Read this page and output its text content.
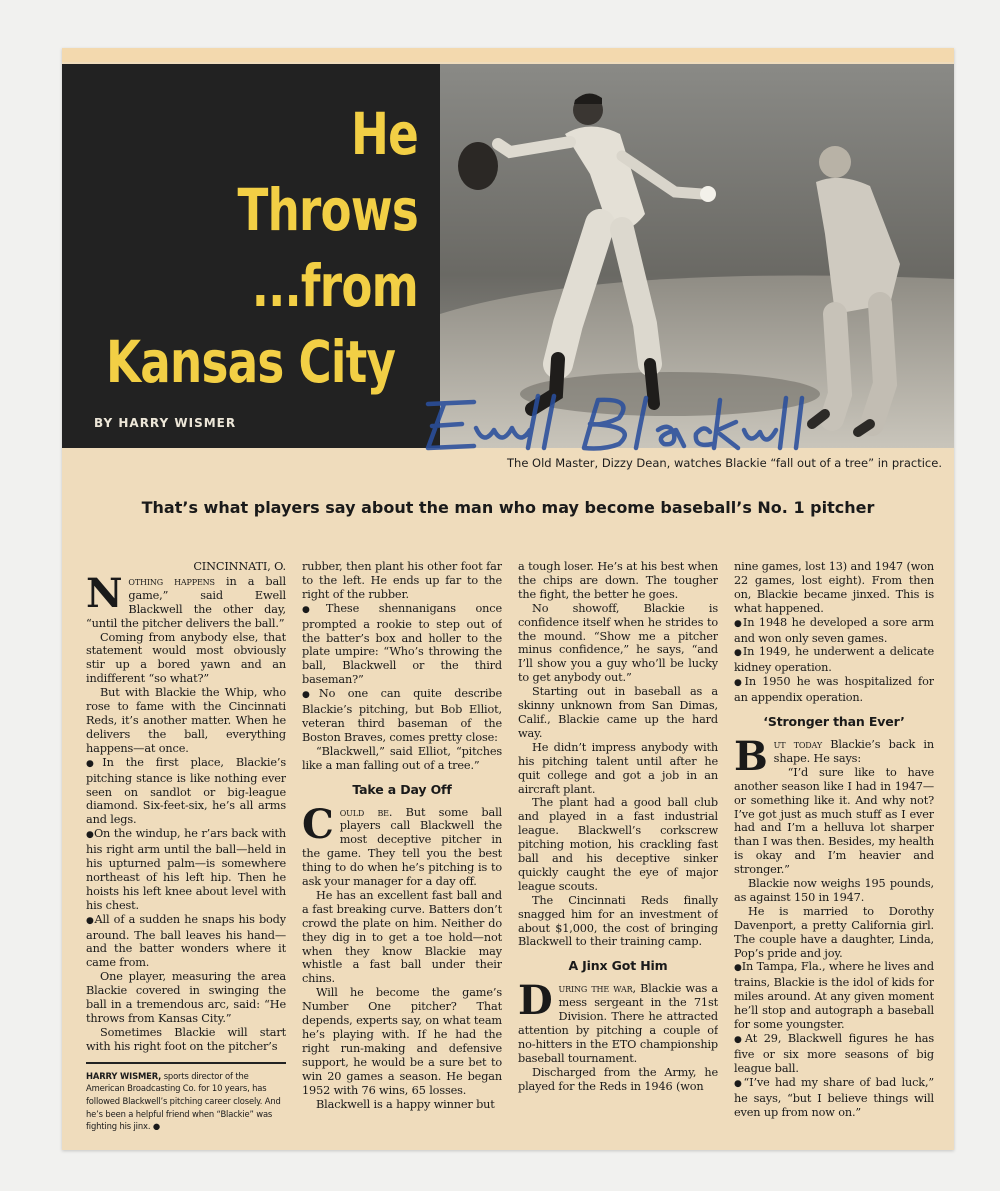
He Throws
...from
Kansas City
BY HARRY WISMER
The Old Master, Dizzy Dean, watches Blackie “fall out of a tree” in practice.
That’s what players say about the man who may become baseball’s No. 1 pitcher
CINCINNATI, O.

Nothing happens in a ball game,” said Ewell Blackwell the other day, “until the pitcher delivers the ball.”

Coming from anybody else, that statement would most obviously stir up a bored yawn and an indifferent “so what?”

But with Blackie the Whip, who rose to fame with the Cincinnati Reds, it’s another matter. When he delivers the ball, everything happens—at once.

● In the first place, Blackie’s pitching stance is like nothing ever seen on sandlot or big-league diamond. Six-feet-six, he’s all arms and legs.

● On the windup, he r’ars back with his right arm until the ball—held in his upturned palm—is somewhere northeast of his left hip. Then he hoists his left knee about level with his chest.

● All of a sudden he snaps his body around. The ball leaves his hand—and the batter wonders where it came from.

One player, measuring the area Blackie covered in swinging the ball in a tremendous arc, said: “He throws from Kansas City.”

Sometimes Blackie will start with his right foot on the pitcher’s

HARRY WISMER, sports director of the American Broadcasting Co. for 10 years, has followed Blackwell’s pitching career closely. And he’s been a helpful friend when “Blackie” was fighting his jinx. ●

rubber, then plant his other foot far to the left. He ends up far to the right of the rubber.

● These shennanigans once prompted a rookie to step out of the batter’s box and holler to the plate umpire: “Who’s throwing the ball, Blackwell or the third baseman?”

● No one can quite describe Blackie’s pitching, but Bob Elliot, veteran third baseman of the Boston Braves, comes pretty close:

“Blackwell,” said Elliot, “pitches like a man falling out of a tree.”

Take a Day Off

Could be. But some ball players call Blackwell the most deceptive pitcher in the game. They tell you the best thing to do when he’s pitching is to ask your manager for a day off.

He has an excellent fast ball and a fast breaking curve. Batters don’t crowd the plate on him. Neither do they dig in to get a toe hold—not when they know Blackie may whistle a fast ball under their chins.

Will he become the game’s Number One pitcher? That depends, experts say, on what team he’s playing with. If he had the right run-making and defensive support, he would be a sure bet to win 20 games a season. He began 1952 with 76 wins, 65 losses.

Blackwell is a happy winner but

a tough loser. He’s at his best when the chips are down. The tougher the fight, the better he goes.

No showoff, Blackie is confidence itself when he strides to the mound. “Show me a pitcher minus confidence,” he says, “and I’ll show you a guy who’ll be lucky to get anybody out.”

Starting out in baseball as a skinny unknown from San Dimas, Calif., Blackie came up the hard way.

He didn’t impress anybody with his pitching talent until after he quit college and got a job in an aircraft plant.

The plant had a good ball club and played in a fast industrial league. Blackwell’s corkscrew pitching motion, his crackling fast ball and his deceptive sinker quickly caught the eye of major league scouts.

The Cincinnati Reds finally snagged him for an investment of about $1,000, the cost of bringing Blackwell to their training camp.

A Jinx Got Him

During the war, Blackie was a mess sergeant in the 71st Division. There he attracted attention by pitching a couple of no-hitters in the ETO championship baseball tournament.

Discharged from the Army, he played for the Reds in 1946 (won

nine games, lost 13) and 1947 (won 22 games, lost eight). From then on, Blackie became jinxed. This is what happened.

● In 1948 he developed a sore arm and won only seven games.

● In 1949, he underwent a delicate kidney operation.

● In 1950 he was hospitalized for an appendix operation.

‘Stronger than Ever’

But today Blackie’s back in shape. He says:

“I’d sure like to have another season like I had in 1947—or something like it. And why not? I’ve got just as much stuff as I ever had and I’m a helluva lot sharper than I was then. Besides, my health is okay and I’m heavier and stronger.”

Blackie now weighs 195 pounds, as against 150 in 1947.

He is married to Dorothy Davenport, a pretty California girl. The couple have a daughter, Linda, Pop’s pride and joy.

● In Tampa, Fla., where he lives and trains, Blackie is the idol of kids for miles around. At any given moment he’ll stop and autograph a baseball for some youngster.

● At 29, Blackwell figures he has five or six more seasons of big league ball.

● “I’ve had my share of bad luck,” he says, “but I believe things will even up from now on.”
